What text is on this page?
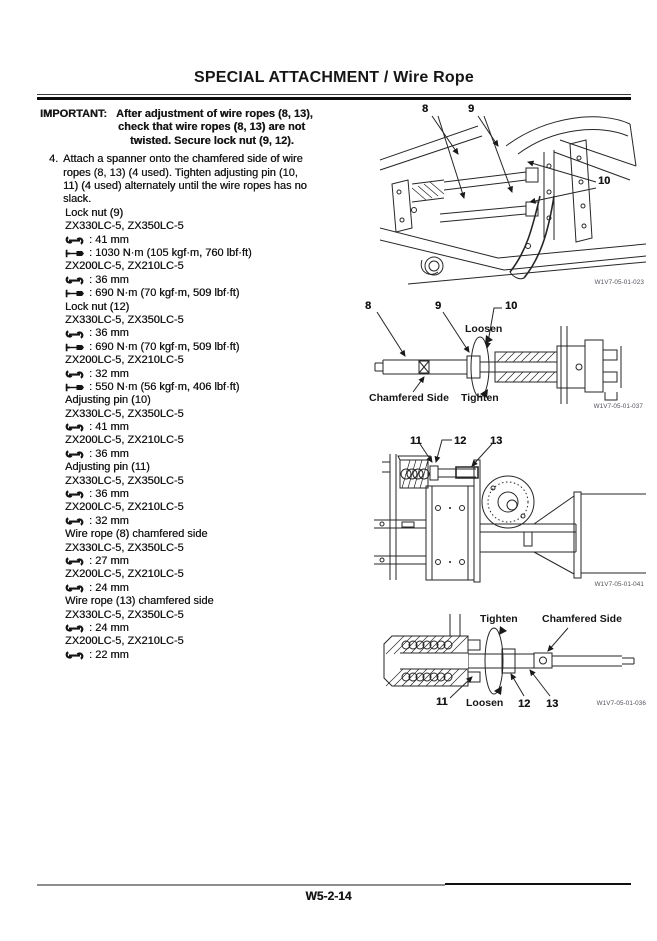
SPECIAL ATTACHMENT / Wire Rope
IMPORTANT: After adjustment of wire ropes (8, 13),
check that wire ropes (8, 13) are not
twisted. Secure lock nut (9, 12).
4. Attach a spanner onto the chamfered side of wire
ropes (8, 13) (4 used). Tighten adjusting pin (10,
11) (4 used) alternately until the wire ropes has no
slack.
Lock nut (9)
ZX330LC-5, ZX350LC-5
: 41 mm
: 1030 N·m (105 kgf·m, 760 lbf·ft)
ZX200LC-5, ZX210LC-5
: 36 mm
: 690 N·m (70 kgf·m, 509 lbf·ft)
Lock nut (12)
ZX330LC-5, ZX350LC-5
: 36 mm
: 690 N·m (70 kgf·m, 509 lbf·ft)
ZX200LC-5, ZX210LC-5
: 32 mm
: 550 N·m (56 kgf·m, 406 lbf·ft)
Adjusting pin (10)
ZX330LC-5, ZX350LC-5
: 41 mm
ZX200LC-5, ZX210LC-5
: 36 mm
Adjusting pin (11)
ZX330LC-5, ZX350LC-5
: 36 mm
ZX200LC-5, ZX210LC-5
: 32 mm
Wire rope (8) chamfered side
ZX330LC-5, ZX350LC-5
: 27 mm
ZX200LC-5, ZX210LC-5
: 24 mm
Wire rope (13) chamfered side
ZX330LC-5, ZX350LC-5
: 24 mm
ZX200LC-5, ZX210LC-5
: 22 mm
8	9
10
W1V7-05-01-023
8	9	10
Loosen
Tighten
Chamfered Side
W1V7-05-01-037
11	12 13
W1V7-05-01-041
Tighten Chamfered Side
11 Loosen 12 13	W1V7-05-01-036
W5-2-14
